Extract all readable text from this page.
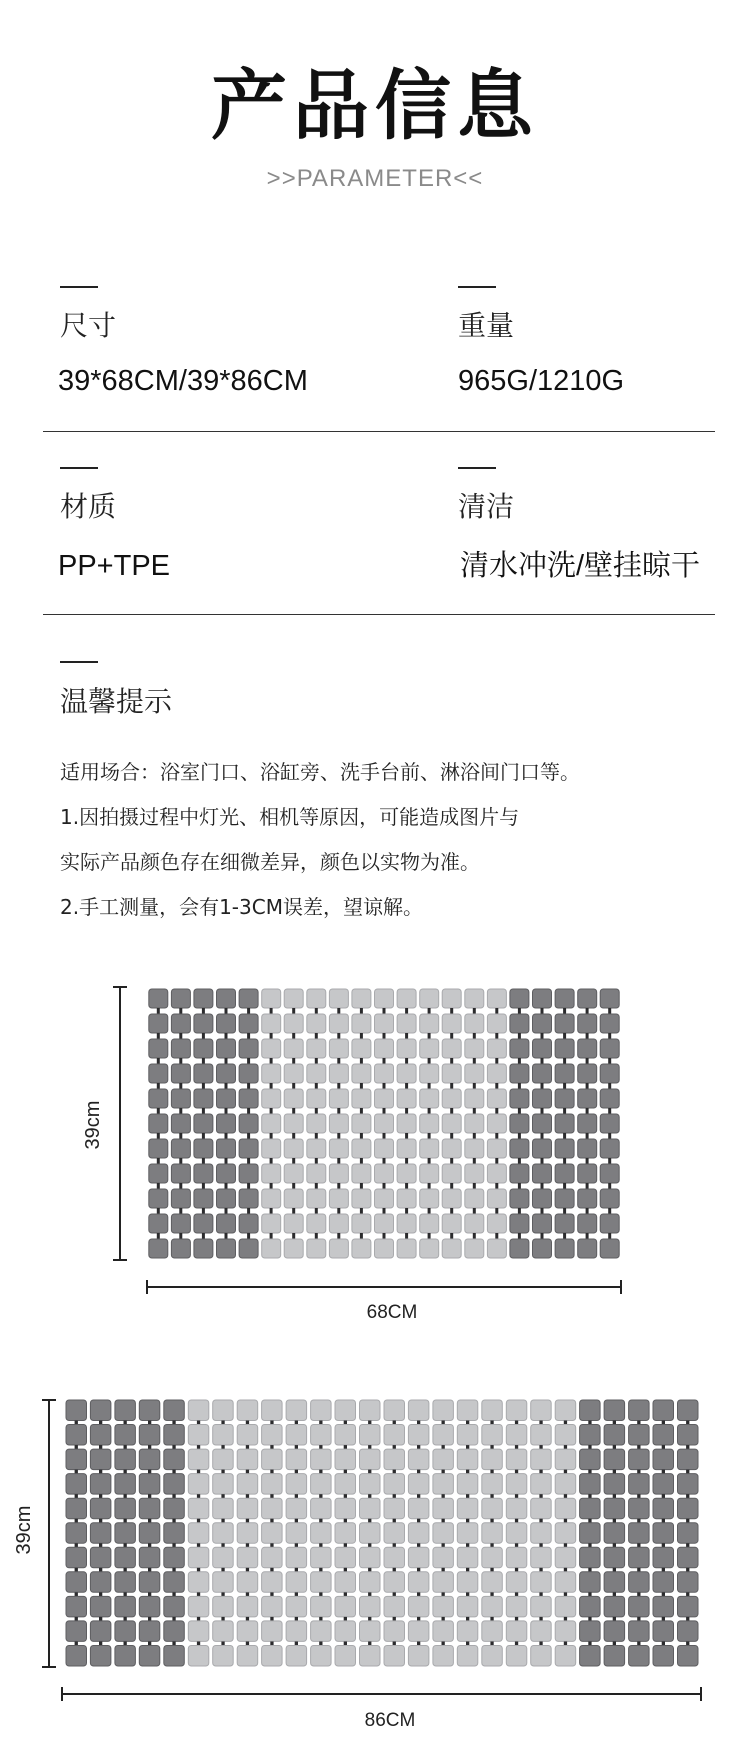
产品信息
>>PARAMETER<<
尺寸
39*68CM/39*86CM
重量
965G/1210G
材质
PP+TPE
清洁
清水冲洗/壁挂晾干
温馨提示
适用场合：浴室门口、浴缸旁、洗手台前、淋浴间门口等。
1.因拍摄过程中灯光、相机等原因，可能造成图片与
实际产品颜色存在细微差异，颜色以实物为准。
2.手工测量，会有1-3CM误差，望谅解。
39cm
68CM
39cm
86CM
